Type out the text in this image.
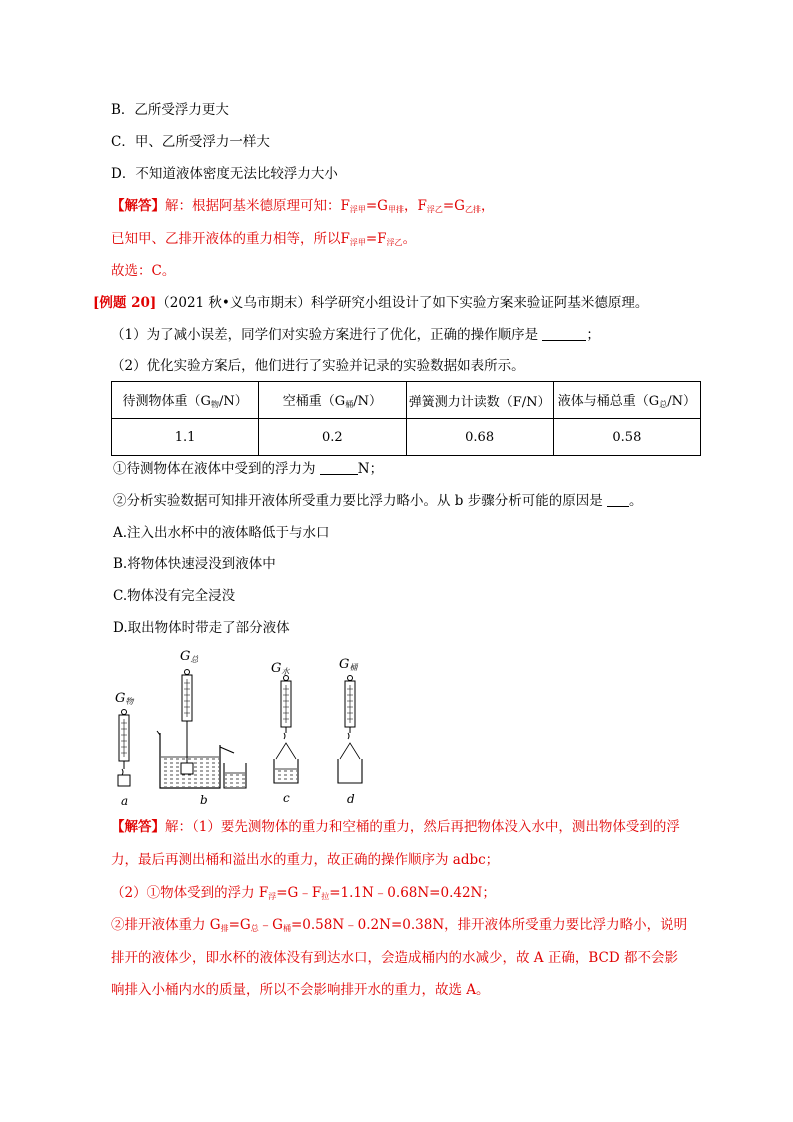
B．乙所受浮力更大
C．甲、乙所受浮力一样大
D．不知道液体密度无法比较浮力大小
【解答】解：根据阿基米德原理可知：$F_{浮甲}=G_{甲排}$，$F_{浮乙}=G_{乙排}$，
已知甲、乙排开液体的重力相等，所以$F_{浮甲}=F_{浮乙}$。
故选：C。
[例题 20]（2021 秋•义乌市期末）科学研究小组设计了如下实验方案来验证阿基米德原理。
（1）为了减小误差，同学们对实验方案进行了优化，正确的操作顺序是	；
（2）优化实验方案后，他们进行了实验并记录的实验数据如表所示。
待测物体重$(G_物/N)$	空桶重$(G_桶/N)$	弹簧测力计读数（F/N）	液体与桶总重$(G_总/N)$
1.1	0.2	0.68	0.58
①待测物体在液体中受到的浮力为	N；
②分析实验数据可知排开液体所受重力要比浮力略小。从 b 步骤分析可能的原因是 。
A.注入出水杯中的液体略低于与水口
B.将物体快速浸没到液体中
C.物体没有完全浸没
D.取出物体时带走了部分液体
$G_物$
$G_总$
$G_水$	$G_桶$
a	b	c	d
【解答】解：（1）要先测物体的重力和空桶的重力，然后再把物体没入水中，测出物体受到的浮
力，最后再测出桶和溢出水的重力，故正确的操作顺序为 adbc；
（2）①物体受到的浮力 $F_浮=G﹣F_拉=1.1N﹣0.68N=0.42N$；
②排开液体重力 $G_排=G_总﹣G_桶=0.58N﹣0.2N=0.38N$，排开液体所受重力要比浮力略小，说明
排开的液体少，即水杯的液体没有到达水口，会造成桶内的水减少，故 A 正确，BCD 都不会影
响排入小桶内水的质量，所以不会影响排开水的重力，故选 A。
